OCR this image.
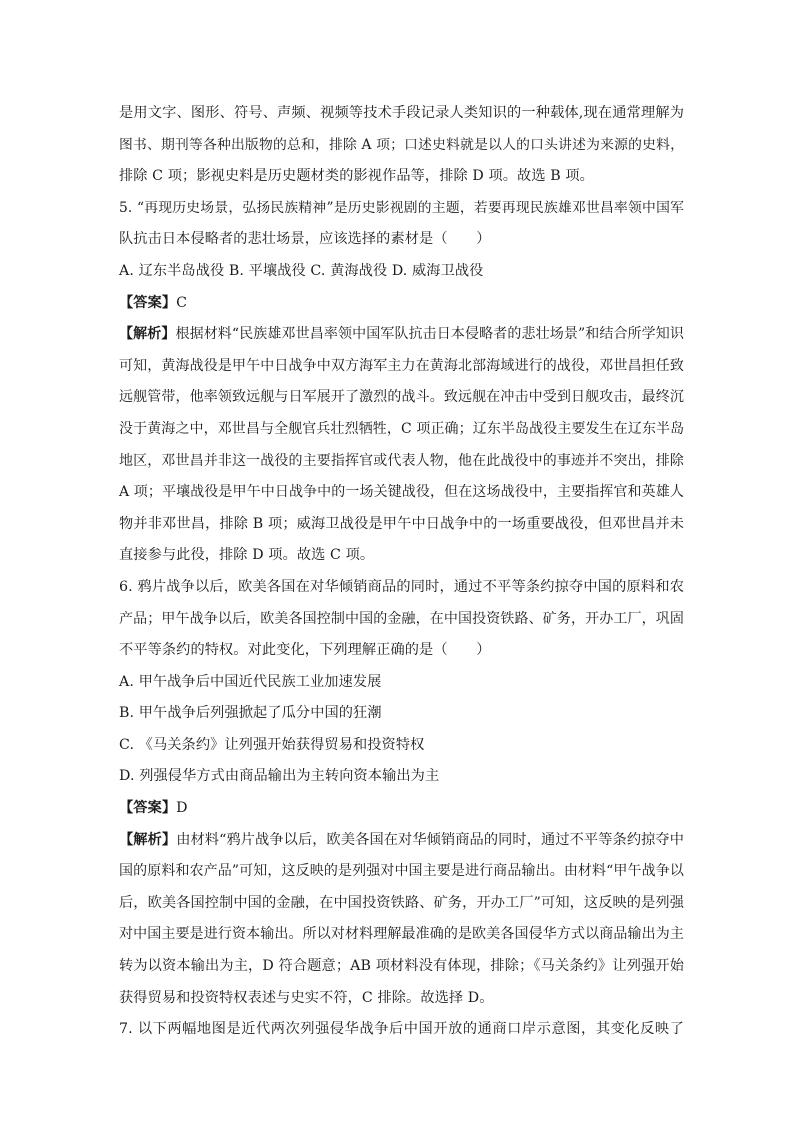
是用文字、图形、符号、声频、视频等技术手段记录人类知识的一种载体,现在通常理解为
图书、期刊等各种出版物的总和，排除 A 项；口述史料就是以人的口头讲述为来源的史料，
排除 C 项；影视史料是历史题材类的影视作品等，排除 D 项。故选 B 项。
5. “再现历史场景，弘扬民族精神”是历史影视剧的主题，若要再现民族雄邓世昌率领中国军
队抗击日本侵略者的悲壮场景，应该选择的素材是（　　）
A. 辽东半岛战役 B. 平壤战役 C. 黄海战役 D. 威海卫战役
【答案】C
【解析】根据材料“民族雄邓世昌率领中国军队抗击日本侵略者的悲壮场景”和结合所学知识
可知，黄海战役是甲午中日战争中双方海军主力在黄海北部海域进行的战役，邓世昌担任致
远舰管带，他率领致远舰与日军展开了激烈的战斗。致远舰在冲击中受到日舰攻击，最终沉
没于黄海之中，邓世昌与全舰官兵壮烈牺牲，C 项正确；辽东半岛战役主要发生在辽东半岛
地区，邓世昌并非这一战役的主要指挥官或代表人物，他在此战役中的事迹并不突出，排除
A 项；平壤战役是甲午中日战争中的一场关键战役，但在这场战役中，主要指挥官和英雄人
物并非邓世昌，排除 B 项；威海卫战役是甲午中日战争中的一场重要战役，但邓世昌并未
直接参与此役，排除 D 项。故选 C 项。
6. 鸦片战争以后，欧美各国在对华倾销商品的同时，通过不平等条约掠夺中国的原料和农
产品；甲午战争以后，欧美各国控制中国的金融，在中国投资铁路、矿务，开办工厂，巩固
不平等条约的特权。对此变化，下列理解正确的是（　　）
A. 甲午战争后中国近代民族工业加速发展
B. 甲午战争后列强掀起了瓜分中国的狂潮
C. 《马关条约》让列强开始获得贸易和投资特权
D. 列强侵华方式由商品输出为主转向资本输出为主
【答案】D
【解析】由材料“鸦片战争以后，欧美各国在对华倾销商品的同时，通过不平等条约掠夺中
国的原料和农产品”可知，这反映的是列强对中国主要是进行商品输出。由材料“甲午战争以
后，欧美各国控制中国的金融，在中国投资铁路、矿务，开办工厂”可知，这反映的是列强
对中国主要是进行资本输出。所以对材料理解最准确的是欧美各国侵华方式以商品输出为主
转为以资本输出为主，D 符合题意；AB 项材料没有体现，排除；《马关条约》让列强开始
获得贸易和投资特权表述与史实不符，C 排除。故选择 D。
7. 以下两幅地图是近代两次列强侵华战争后中国开放的通商口岸示意图，其变化反映了
